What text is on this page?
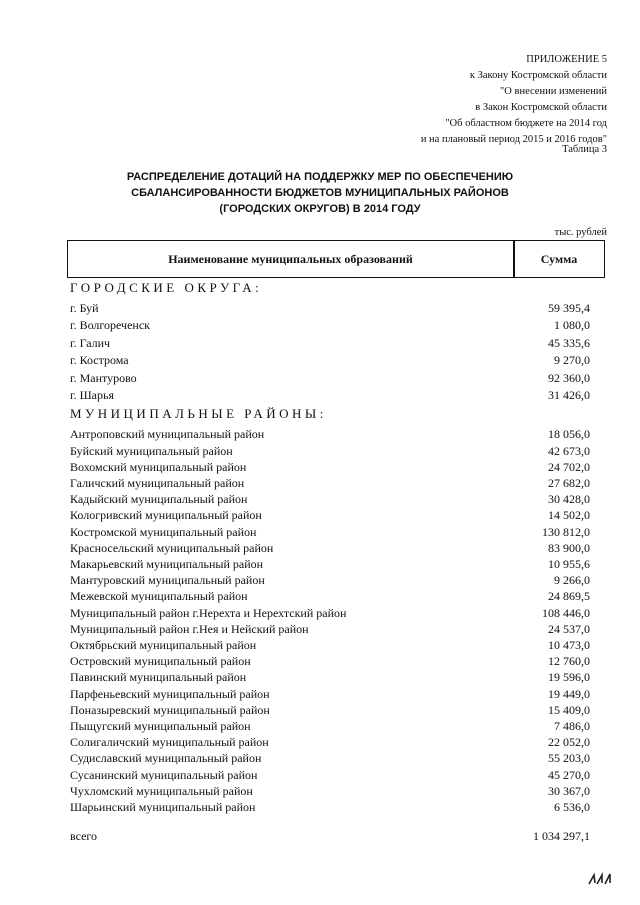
ПРИЛОЖЕНИЕ 5
к Закону Костромской области
"О внесении изменений
в Закон Костромской области
"Об областном бюджете на 2014 год
и на плановый период 2015 и 2016 годов"
Таблица 3
РАСПРЕДЕЛЕНИЕ ДОТАЦИЙ НА ПОДДЕРЖКУ МЕР ПО ОБЕСПЕЧЕНИЮ
СБАЛАНСИРОВАННОСТИ БЮДЖЕТОВ МУНИЦИПАЛЬНЫХ РАЙОНОВ
(ГОРОДСКИХ ОКРУГОВ) В 2014 ГОДУ
тыс. рублей
Наименование муниципальных образований	Сумма
ГОРОДСКИЕ ОКРУГА:
г. Буй	59 395,4
г. Волгореченск	1 080,0
г. Галич	45 335,6
г. Кострома	9 270,0
г. Мантурово	92 360,0
г. Шарья	31 426,0
МУНИЦИПАЛЬНЫЕ РАЙОНЫ:
Антроповский муниципальный район	18 056,0
Буйский муниципальный район	42 673,0
Вохомский муниципальный район	24 702,0
Галичский муниципальный район	27 682,0
Кадыйский муниципальный район	30 428,0
Кологривский муниципальный район	14 502,0
Костромской муниципальный район	130 812,0
Красносельский муниципальный район	83 900,0
Макарьевский муниципальный район	10 955,6
Мантуровский муниципальный район	9 266,0
Межевской муниципальный район	24 869,5
Муниципальный район г.Нерехта и Нерехтский район	108 446,0
Муниципальный район г.Нея и Нейский район	24 537,0
Октябрьский муниципальный район	10 473,0
Островский муниципальный район	12 760,0
Павинский муниципальный район	19 596,0
Парфеньевский муниципальный район	19 449,0
Поназыревский муниципальный район	15 409,0
Пыщугский муниципальный район	7 486,0
Солигаличский муниципальный район	22 052,0
Судиславский муниципальный район	55 203,0
Сусанинский муниципальный район	45 270,0
Чухломский муниципальный район	30 367,0
Шарьинский муниципальный район	6 536,0
всего	1 034 297,1
